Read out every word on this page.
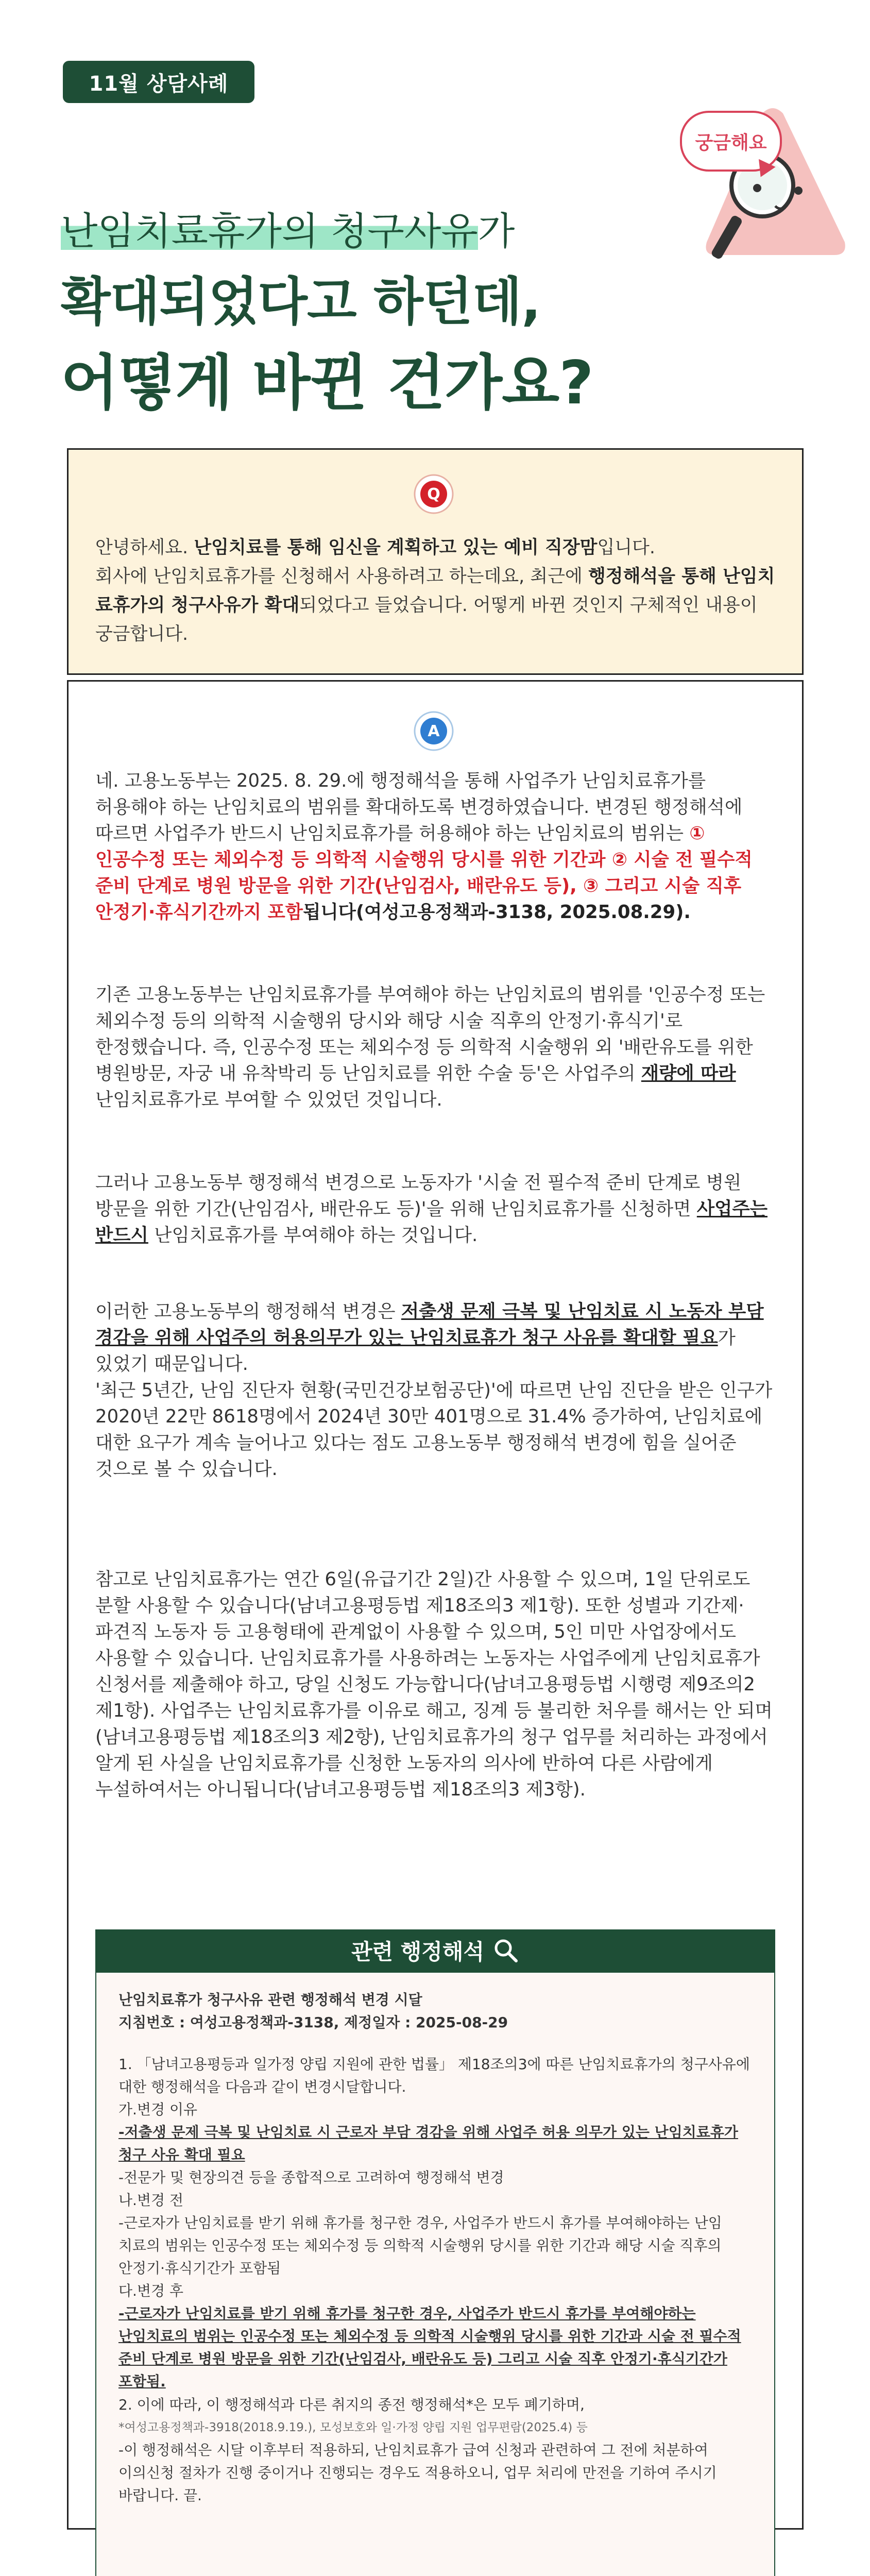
11월 상담사례
궁금해요
난임치료휴가의 청구사유가
확대되었다고 하던데,
어떻게 바뀐 건가요?
Q

안녕하세요. 난임치료를 통해 임신을 계획하고 있는 예비 직장맘입니다.
회사에 난임치료휴가를 신청해서 사용하려고 하는데요, 최근에 행정해석을 통해 난임치료휴가의 청구사유가 확대되었다고 들었습니다. 어떻게 바뀐 것인지 구체적인 내용이 궁금합니다.

A

네. 고용노동부는 2025. 8. 29.에 행정해석을 통해 사업주가 난임치료휴가를 허용해야 하는 난임치료의 범위를 확대하도록 변경하였습니다. 변경된 행정해석에 따르면 사업주가 반드시 난임치료휴가를 허용해야 하는 난임치료의 범위는 ① 인공수정 또는 체외수정 등 의학적 시술행위 당시를 위한 기간과 ② 시술 전 필수적 준비 단계로 병원 방문을 위한 기간(난임검사, 배란유도 등), ③ 그리고 시술 직후 안정기·휴식기간까지 포함됩니다(여성고용정책과-3138, 2025.08.29).

기존 고용노동부는 난임치료휴가를 부여해야 하는 난임치료의 범위를 '인공수정 또는 체외수정 등의 의학적 시술행위 당시와 해당 시술 직후의 안정기·휴식기'로 한정했습니다. 즉, 인공수정 또는 체외수정 등 의학적 시술행위 외 '배란유도를 위한 병원방문, 자궁 내 유착박리 등 난임치료를 위한 수술 등'은 사업주의 재량에 따라 난임치료휴가로 부여할 수 있었던 것입니다.

그러나 고용노동부 행정해석 변경으로 노동자가 '시술 전 필수적 준비 단계로 병원 방문을 위한 기간(난임검사, 배란유도 등)'을 위해 난임치료휴가를 신청하면 사업주는 반드시 난임치료휴가를 부여해야 하는 것입니다.

이러한 고용노동부의 행정해석 변경은 저출생 문제 극복 및 난임치료 시 노동자 부담 경감을 위해 사업주의 허용의무가 있는 난임치료휴가 청구 사유를 확대할 필요가 있었기 때문입니다.
'최근 5년간, 난임 진단자 현황(국민건강보험공단)'에 따르면 난임 진단을 받은 인구가 2020년 22만 8618명에서 2024년 30만 401명으로 31.4% 증가하여, 난임치료에 대한 요구가 계속 늘어나고 있다는 점도 고용노동부 행정해석 변경에 힘을 실어준 것으로 볼 수 있습니다.

참고로 난임치료휴가는 연간 6일(유급기간 2일)간 사용할 수 있으며, 1일 단위로도 분할 사용할 수 있습니다(남녀고용평등법 제18조의3 제1항). 또한 성별과 기간제·파견직 노동자 등 고용형태에 관계없이 사용할 수 있으며, 5인 미만 사업장에서도 사용할 수 있습니다. 난임치료휴가를 사용하려는 노동자는 사업주에게 난임치료휴가 신청서를 제출해야 하고, 당일 신청도 가능합니다(남녀고용평등법 시행령 제9조의2 제1항). 사업주는 난임치료휴가를 이유로 해고, 징계 등 불리한 처우를 해서는 안 되며(남녀고용평등법 제18조의3 제2항), 난임치료휴가의 청구 업무를 처리하는 과정에서 알게 된 사실을 난임치료휴가를 신청한 노동자의 의사에 반하여 다른 사람에게 누설하여서는 아니됩니다(남녀고용평등법 제18조의3 제3항).

관련 행정해석
난임치료휴가 청구사유 관련 행정해석 변경 시달
지침번호 : 여성고용정책과-3138, 제정일자 : 2025-08-29
1. 「남녀고용평등과 일가정 양립 지원에 관한 법률」 제18조의3에 따른 난임치료휴가의 청구사유에 대한 행정해석을 다음과 같이 변경시달합니다.
가.변경 이유
-저출생 문제 극복 및 난임치료 시 근로자 부담 경감을 위해 사업주 허용 의무가 있는 난임치료휴가 청구 사유 확대 필요
-전문가 및 현장의견 등을 종합적으로 고려하여 행정해석 변경
나.변경 전
-근로자가 난임치료를 받기 위해 휴가를 청구한 경우, 사업주가 반드시 휴가를 부여해야하는 난임 치료의 범위는 인공수정 또는 체외수정 등 의학적 시술행위 당시를 위한 기간과 해당 시술 직후의 안정기·휴식기간가 포함됨
다.변경 후
-근로자가 난임치료를 받기 위해 휴가를 청구한 경우, 사업주가 반드시 휴가를 부여해야하는 난임치료의 범위는 인공수정 또는 체외수정 등 의학적 시술행위 당시를 위한 기간과 시술 전 필수적 준비 단계로 병원 방문을 위한 기간(난임검사, 배란유도 등) 그리고 시술 직후 안정기·휴식기간가 포함됨.
2. 이에 따라, 이 행정해석과 다른 취지의 종전 행정해석*은 모두 폐기하며,
*여성고용정책과-3918(2018.9.19.), 모성보호와 일·가정 양립 지원 업무편람(2025.4) 등
-이 행정해석은 시달 이후부터 적용하되, 난임치료휴가 급여 신청과 관련하여 그 전에 처분하여 이의신청 절차가 진행 중이거나 진행되는 경우도 적용하오니, 업무 처리에 만전을 기하여 주시기 바랍니다. 끝.
